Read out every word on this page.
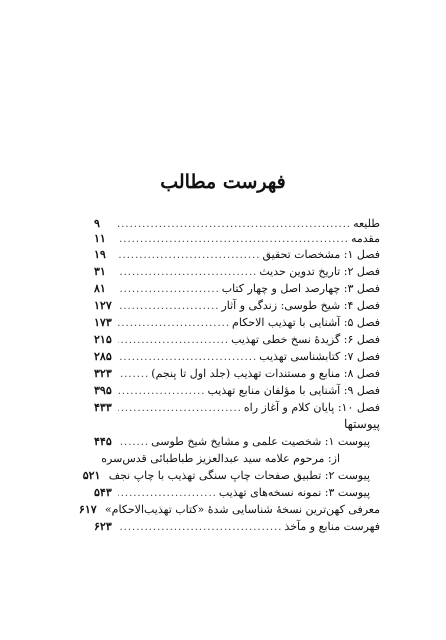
فهرست مطالب
طلیعه
.....
۹
مقدمه
.....
۱۱
فصل ۱: مشخصات تحقیق
.....
۱۹
فصل ۲: تاریخ تدوین حدیث
.....
۳۱
فصل ۳: چهارصد اصل و چهار کتاب
.....
۸۱
فصل ۴: شیخ طوسی: زندگی و آثار
.....
۱۲۷
فصل ۵: آشنایی با تهذیب الاحکام
.....
۱۷۳
فصل ۶: گزیدهٔ نسخ خطی تهذیب
.....
۲۱۵
فصل ۷: کتابشناسی تهذیب
.....
۲۸۵
فصل ۸: منابع و مستندات تهذیب (جلد اول تا پنجم)
.....
۳۲۳
فصل ۹: آشنایی با مؤلفان منابع تهذیب
.....
۳۹۵
فصل ۱۰: پایان کلام و آغاز راه
.....
۴۳۳
پیوستها
پیوست ۱: شخصیت علمی و مشایخ شیخ طوسی
.....
۴۴۵
از: مرحوم علامه سید عبدالعزیز طباطبائی قدس‌سره
پیوست ۲: تطبیق صفحات چاپ سنگی تهذیب با چاپ نجف
۵۲۱
پیوست ۳: نمونه نسخه‌های تهذیب
.....
۵۴۳
معرفی کهن‌ترین نسخهٔ شناسایی شدهٔ «کتاب تهذیب‌الاحکام»
۶۱۷
فهرست منابع و مآخذ
.....
۶۲۳
